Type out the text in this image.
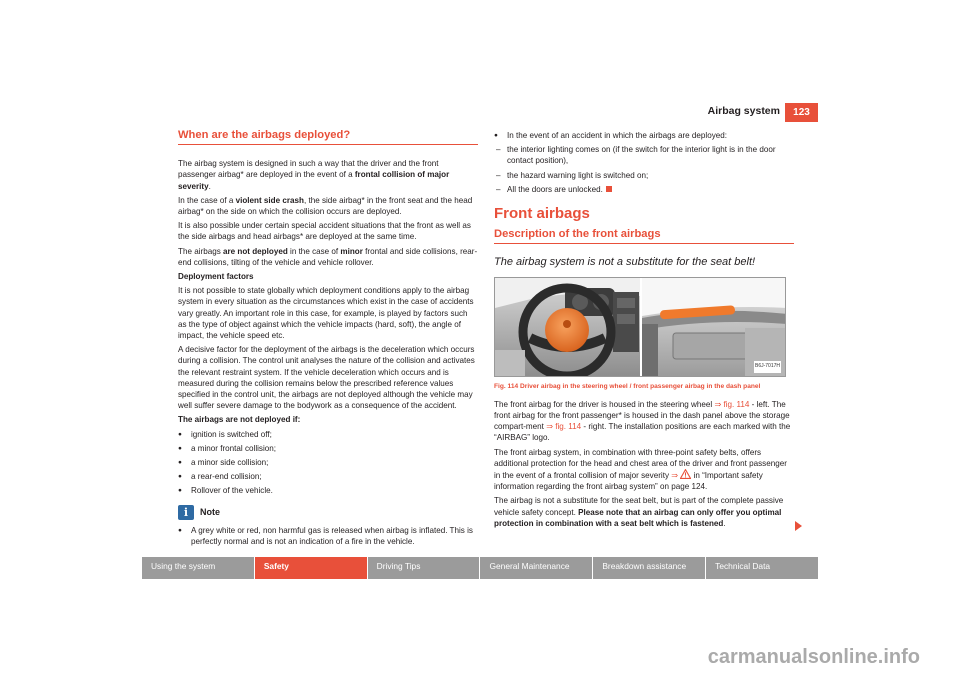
Airbag system	123
When are the airbags deployed?

The airbag system is designed in such a way that the driver and the front passenger airbag* are deployed in the event of a frontal collision of major severity.

In the case of a violent side crash, the side airbag* in the front seat and the head airbag* on the side on which the collision occurs are deployed.

It is also possible under certain special accident situations that the front as well as the side airbags and head airbags* are deployed at the same time.

The airbags are not deployed in the case of minor frontal and side collisions, rear-end collisions, tilting of the vehicle and vehicle rollover.

Deployment factors

It is not possible to state globally which deployment conditions apply to the airbag system in every situation as the circumstances which exist in the case of accidents vary greatly. An important role in this case, for example, is played by factors such as the type of object against which the vehicle impacts (hard, soft), the angle of impact, the vehicle speed etc.

A decisive factor for the deployment of the airbags is the deceleration which occurs during a collision. The control unit analyses the nature of the collision and activates the relevant restraint system. If the vehicle deceleration which occurs and is measured during the collision remains below the prescribed reference values specified in the control unit, the airbags are not deployed although the vehicle may well suffer severe damage to the bodywork as a consequence of the accident.

The airbags are not deployed if:

● ignition is switched off;
● a minor frontal collision;
● a minor side collision;
● a rear-end collision;
● Rollover of the vehicle.
i	Note
● A grey white or red, non harmful gas is released when airbag is inflated. This is perfectly normal and is not an indication of a fire in the vehicle.
● In the event of an accident in which the airbags are deployed:
– the interior lighting comes on (if the switch for the interior light is in the door contact position),
– the hazard warning light is switched on;
– All the doors are unlocked.
Front airbags
Description of the front airbags
The airbag system is not a substitute for the seat belt!
B6J-7017H
Fig. 114 Driver airbag in the steering wheel / front passenger airbag in the dash panel

The front airbag for the driver is housed in the steering wheel ⇒ fig. 114 - left. The front airbag for the front passenger* is housed in the dash panel above the storage compart-ment ⇒ fig. 114 - right. The installation positions are each marked with the “AIRBAG” logo.

The front airbag system, in combination with three-point safety belts, offers additional protection for the head and chest area of the driver and front passenger in the event of a frontal collision of major severity ⇒  in “Important safety information regarding the front airbag system” on page 124.

The airbag is not a substitute for the seat belt, but is part of the complete passive vehicle safety concept. Please note that an airbag can only offer you optimal protection in combination with a seat belt which is fastened.

Using the system	Safety	Driving Tips	General Maintenance	Breakdown assistance	Technical Data
carmanualsonline.info
